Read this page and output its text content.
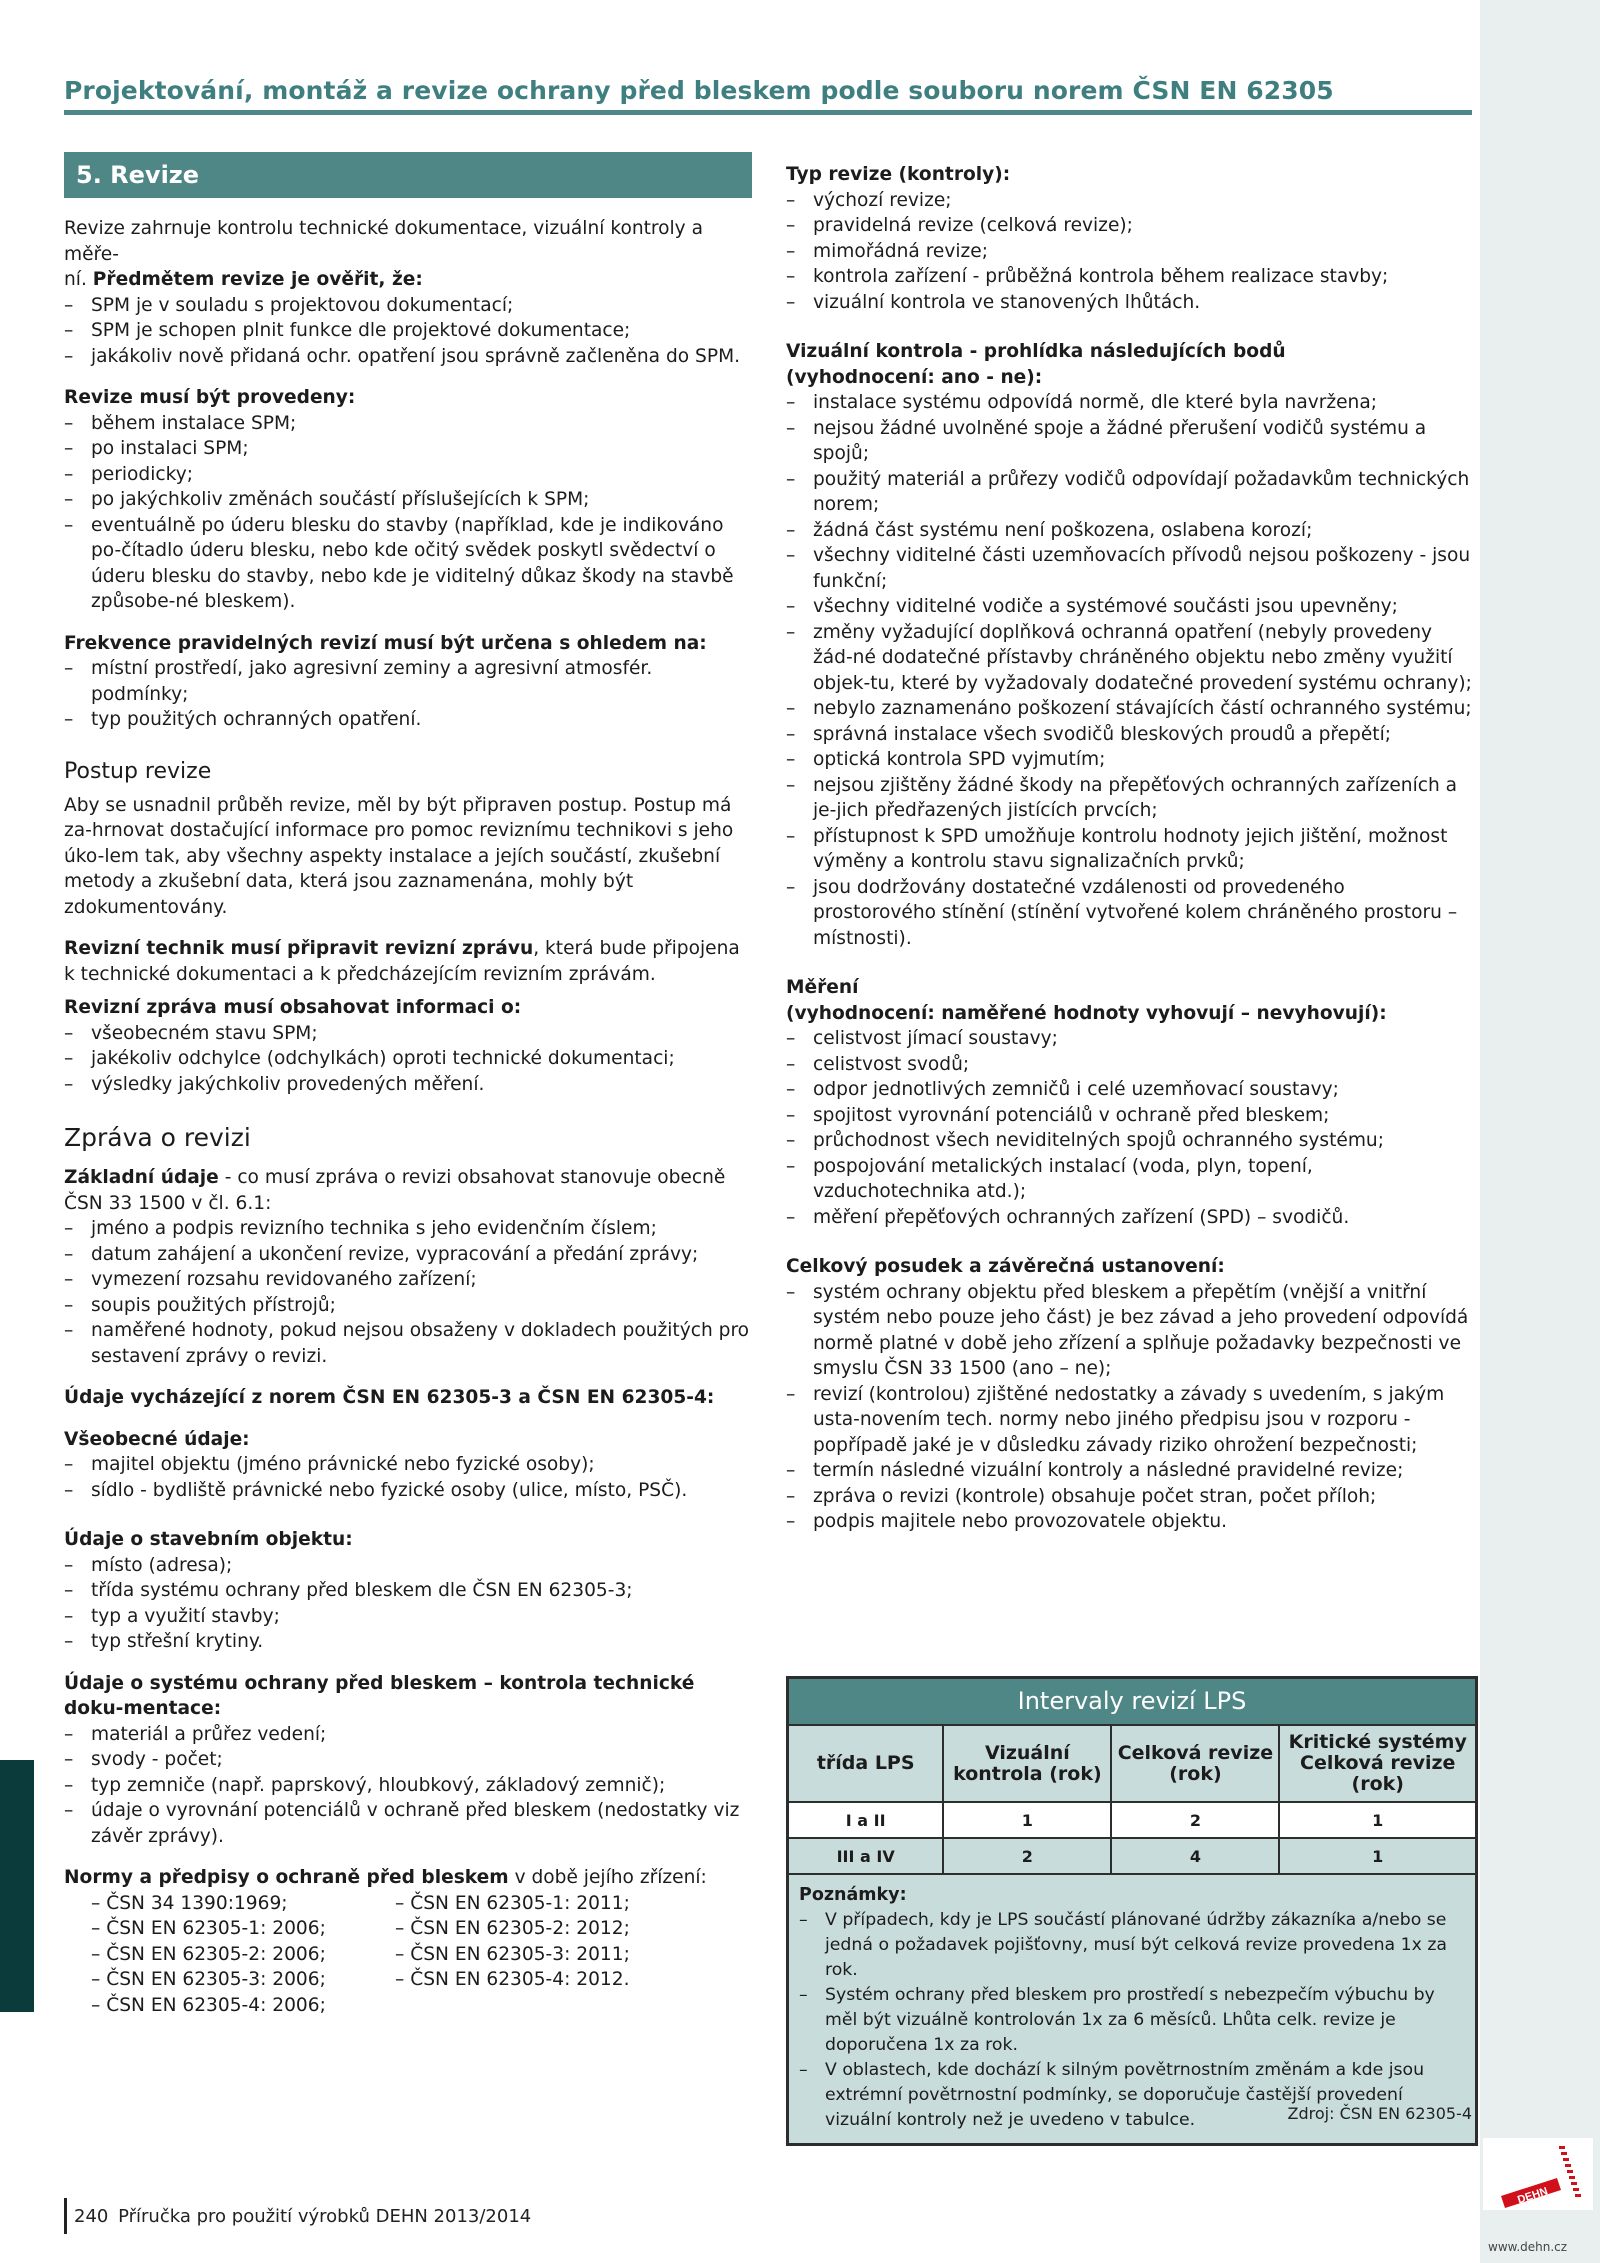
Projektování, montáž a revize ochrany před bleskem podle souboru norem ČSN EN 62305
5. Revize

Revize zahrnuje kontrolu technické dokumentace, vizuální kontroly a měře-

ní. Předmětem revize je ověřit, že:

– SPM je v souladu s projektovou dokumentací;
– SPM je schopen plnit funkce dle projektové dokumentace;
– jakákoliv nově přidaná ochr. opatření jsou správně začleněna do SPM.

Revize musí být provedeny:

– během instalace SPM;
– po instalaci SPM;
– periodicky;
– po jakýchkoliv změnách součástí příslušejících k SPM;
– eventuálně po úderu blesku do stavby (například, kde je indikováno po-čítadlo úderu blesku, nebo kde očitý svědek poskytl svědectví o úderu blesku do stavby, nebo kde je viditelný důkaz škody na stavbě způsobe-né bleskem).

Frekvence pravidelných revizí musí být určena s ohledem na:

– místní prostředí, jako agresivní zeminy a agresivní atmosfér. podmínky;
– typ použitých ochranných opatření.

Postup revize

Aby se usnadnil průběh revize, měl by být připraven postup. Postup má za-hrnovat dostačující informace pro pomoc reviznímu technikovi s jeho úko-lem tak, aby všechny aspekty instalace a jejích součástí, zkušební metody a zkušební data, která jsou zaznamenána, mohly být zdokumentovány.

Revizní technik musí připravit revizní zprávu, která bude připojena k technické dokumentaci a k předcházejícím revizním zprávám.

Revizní zpráva musí obsahovat informaci o:

– všeobecném stavu SPM;
– jakékoliv odchylce (odchylkách) oproti technické dokumentaci;
– výsledky jakýchkoliv provedených měření.

Zpráva o revizi

Základní údaje - co musí zpráva o revizi obsahovat stanovuje obecně ČSN 33 1500 v čl. 6.1:

– jméno a podpis revizního technika s jeho evidenčním číslem;
– datum zahájení a ukončení revize, vypracování a předání zprávy;
– vymezení rozsahu revidovaného zařízení;
– soupis použitých přístrojů;
– naměřené hodnoty, pokud nejsou obsaženy v dokladech použitých pro sestavení zprávy o revizi.

Údaje vycházející z norem ČSN EN 62305-3 a ČSN EN 62305-4:

Všeobecné údaje:

– majitel objektu (jméno právnické nebo fyzické osoby);
– sídlo - bydliště právnické nebo fyzické osoby (ulice, místo, PSČ).

Údaje o stavebním objektu:

– místo (adresa);
– třída systému ochrany před bleskem dle ČSN EN 62305-3;
– typ a využití stavby;
– typ střešní krytiny.

Údaje o systému ochrany před bleskem – kontrola technické doku-mentace:

– materiál a průřez vedení;
– svody - počet;
– typ zemniče (např. paprskový, hloubkový, základový zemnič);
– údaje o vyrovnání potenciálů v ochraně před bleskem (nedostatky viz závěr zprávy).

Normy a předpisy o ochraně před bleskem v době jejího zřízení:

– ČSN 34 1390:1969;
– ČSN EN 62305-1: 2006;
– ČSN EN 62305-2: 2006;
– ČSN EN 62305-3: 2006;
– ČSN EN 62305-4: 2006;
– ČSN EN 62305-1: 2011;
– ČSN EN 62305-2: 2012;
– ČSN EN 62305-3: 2011;
– ČSN EN 62305-4: 2012.

Typ revize (kontroly):

– výchozí revize;
– pravidelná revize (celková revize);
– mimořádná revize;
– kontrola zařízení - průběžná kontrola během realizace stavby;
– vizuální kontrola ve stanovených lhůtách.

Vizuální kontrola - prohlídka následujících bodů

(vyhodnocení: ano - ne):

– instalace systému odpovídá normě, dle které byla navržena;
– nejsou žádné uvolněné spoje a žádné přerušení vodičů systému a spojů;
– použitý materiál a průřezy vodičů odpovídají požadavkům technických norem;
– žádná část systému není poškozena, oslabena korozí;
– všechny viditelné části uzemňovacích přívodů nejsou poškozeny - jsou funkční;
– všechny viditelné vodiče a systémové součásti jsou upevněny;
– změny vyžadující doplňková ochranná opatření (nebyly provedeny žád-né dodatečné přístavby chráněného objektu nebo změny využití objek-tu, které by vyžadovaly dodatečné provedení systému ochrany);
– nebylo zaznamenáno poškození stávajících částí ochranného systému;
– správná instalace všech svodičů bleskových proudů a přepětí;
– optická kontrola SPD vyjmutím;
– nejsou zjištěny žádné škody na přepěťových ochranných zařízeních a je-jich předřazených jistících prvcích;
– přístupnost k SPD umožňuje kontrolu hodnoty jejich jištění, možnost výměny a kontrolu stavu signalizačních prvků;
– jsou dodržovány dostatečné vzdálenosti od provedeného prostorového stínění (stínění vytvořené kolem chráněného prostoru – místnosti).

Měření

(vyhodnocení: naměřené hodnoty vyhovují – nevyhovují):

– celistvost jímací soustavy;
– celistvost svodů;
– odpor jednotlivých zemničů i celé uzemňovací soustavy;
– spojitost vyrovnání potenciálů v ochraně před bleskem;
– průchodnost všech neviditelných spojů ochranného systému;
– pospojování metalických instalací (voda, plyn, topení, vzduchotechnika atd.);
– měření přepěťových ochranných zařízení (SPD) – svodičů.

Celkový posudek a závěrečná ustanovení:

– systém ochrany objektu před bleskem a přepětím (vnější a vnitřní systém nebo pouze jeho část) je bez závad a jeho provedení odpovídá normě platné v době jeho zřízení a splňuje požadavky bezpečnosti ve smyslu ČSN 33 1500 (ano – ne);
– revizí (kontrolou) zjištěné nedostatky a závady s uvedením, s jakým usta-novením tech. normy nebo jiného předpisu jsou v rozporu - popřípadě jaké je v důsledku závady riziko ohrožení bezpečnosti;
– termín následné vizuální kontroly a následné pravidelné revize;
– zpráva o revizi (kontrole) obsahuje počet stran, počet příloh;
– podpis majitele nebo provozovatele objektu.
Intervaly revizí LPS
třída LPS	Vizuální kontrola (rok)	Celková revize (rok)	Kritické systémy Celková revize (rok)
I a II	1	2	1
III a IV	2	4	1

Poznámky:

– V případech, kdy je LPS součástí plánované údržby zákazníka a/nebo se jedná o požadavek pojišťovny, musí být celková revize provedena 1x za rok.
– Systém ochrany před bleskem pro prostředí s nebezpečím výbuchu by měl být vizuálně kontrolován 1x za 6 měsíců. Lhůta celk. revize je doporučena 1x za rok.
– V oblastech, kde dochází k silným povětrnostním změnám a kde jsou extrémní povětrnostní podmínky, se doporučuje častější provedení vizuální kontroly než je uvedeno v tabulce.	Zdroj: ČSN EN 62305-4
240 Příručka pro použití výrobků DEHN 2013/2014
DEHN
www.dehn.cz
